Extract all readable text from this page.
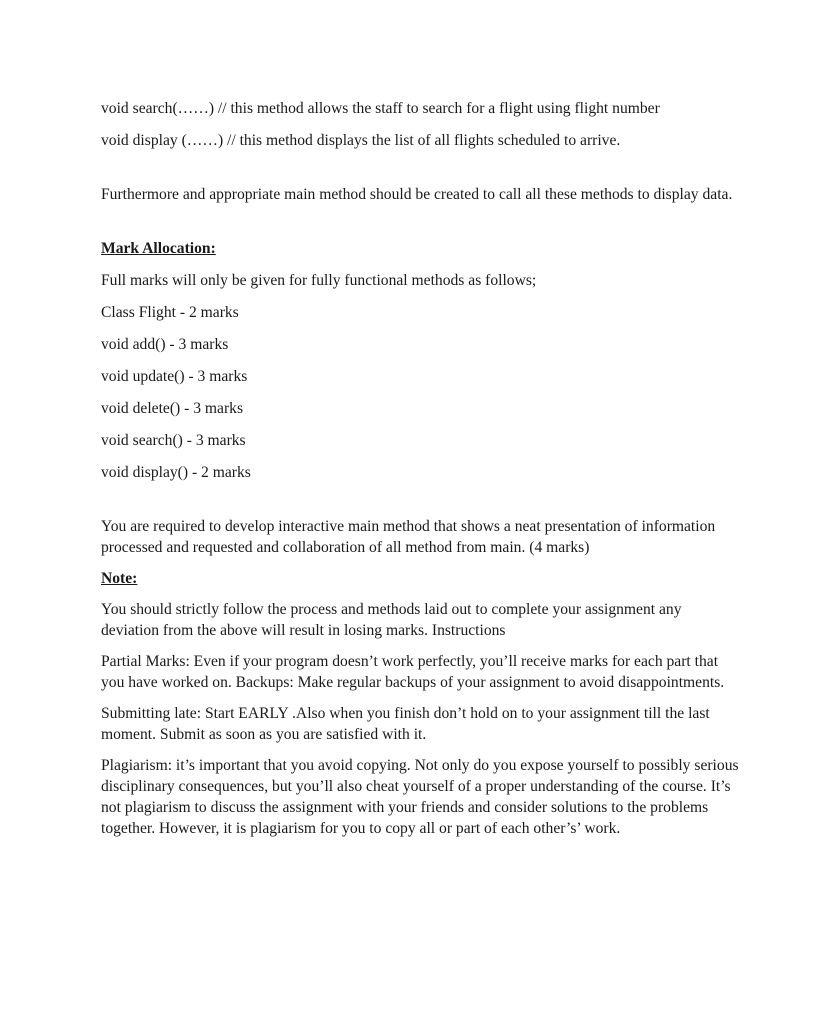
void search(……) // this method allows the staff to search for a flight using flight number

void display (……) // this method displays the list of all flights scheduled to arrive.

Furthermore and appropriate main method should be created to call all these methods to display data.

Mark Allocation:

Full marks will only be given for fully functional methods as follows;

Class Flight - 2 marks

void add() - 3 marks

void update() - 3 marks

void delete() - 3 marks

void search() - 3 marks

void display() - 2 marks

You are required to develop interactive main method that shows a neat presentation of information processed and requested and collaboration of all method from main. (4 marks)

Note:

You should strictly follow the process and methods laid out to complete your assignment any deviation from the above will result in losing marks. Instructions

Partial Marks: Even if your program doesn’t work perfectly, you’ll receive marks for each part that you have worked on. Backups: Make regular backups of your assignment to avoid disappointments.

Submitting late: Start EARLY .Also when you finish don’t hold on to your assignment till the last moment. Submit as soon as you are satisfied with it.

Plagiarism: it’s important that you avoid copying. Not only do you expose yourself to possibly serious disciplinary consequences, but you’ll also cheat yourself of a proper understanding of the course. It’s not plagiarism to discuss the assignment with your friends and consider solutions to the problems together. However, it is plagiarism for you to copy all or part of each other’s’ work.
